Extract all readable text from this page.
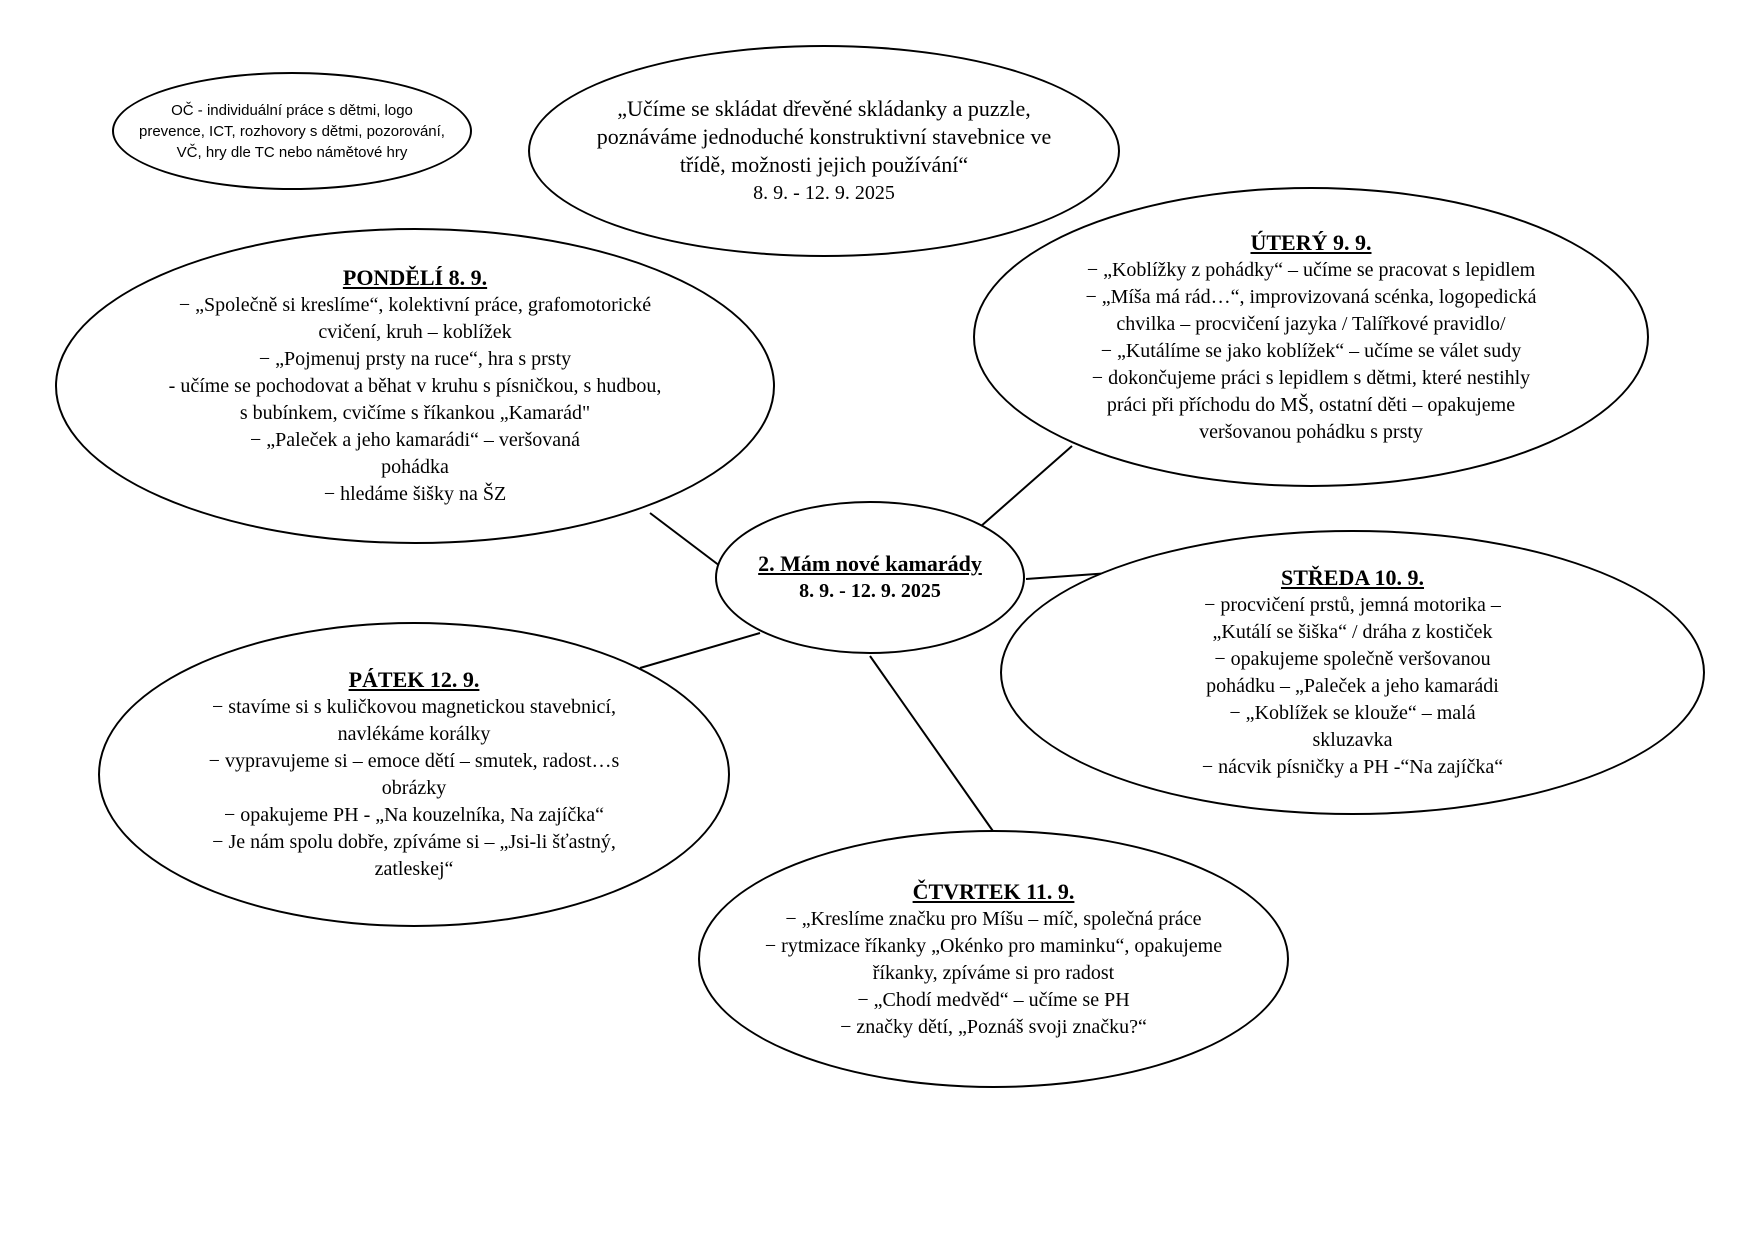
2. Mám nové kamarády
8. 9. - 12. 9. 2025
OČ - individuální práce s dětmi, logo
prevence, ICT, rozhovory s dětmi, pozorování,
VČ, hry dle TC nebo námětové hry
„Učíme se skládat dřevěné skládanky a puzzle,
poznáváme jednoduché konstruktivní stavebnice ve
třídě, možnosti jejich používání“
8. 9. - 12. 9. 2025
PONDĚLÍ 8. 9.
− „Společně si kreslíme“, kolektivní práce, grafomotorické
cvičení, kruh – koblížek
− „Pojmenuj prsty na ruce“, hra s prsty
- učíme se pochodovat a běhat v kruhu s písničkou, s hudbou,
s bubínkem, cvičíme s říkankou „Kamarád"
− „Paleček a jeho kamarádi“ – veršovaná
pohádka
− hledáme šišky na ŠZ
ÚTERÝ 9. 9.
− „Koblížky z pohádky“ – učíme se pracovat s lepidlem
− „Míša má rád…“, improvizovaná scénka, logopedická
chvilka – procvičení jazyka / Talířkové pravidlo/
− „Kutálíme se jako koblížek“ – učíme se válet sudy
− dokončujeme práci s lepidlem s dětmi, které nestihly
práci při příchodu do MŠ, ostatní děti – opakujeme
veršovanou pohádku s prsty
STŘEDA 10. 9.
− procvičení prstů, jemná motorika –
„Kutálí se šiška“ / dráha z kostiček
− opakujeme společně veršovanou
pohádku – „Paleček a jeho kamarádi
− „Koblížek se klouže“ – malá
skluzavka
− nácvik písničky a PH -“Na zajíčka“
PÁTEK 12. 9.
− stavíme si s kuličkovou magnetickou stavebnicí,
navlékáme korálky
− vypravujeme si – emoce dětí – smutek, radost…s
obrázky
− opakujeme PH - „Na kouzelníka, Na zajíčka“
− Je nám spolu dobře, zpíváme si – „Jsi-li šťastný,
zatleskej“
ČTVRTEK 11. 9.
− „Kreslíme značku pro Míšu – míč, společná práce
− rytmizace říkanky „Okénko pro maminku“, opakujeme
říkanky, zpíváme si pro radost
− „Chodí medvěd“ – učíme se PH
− značky dětí, „Poznáš svoji značku?“
